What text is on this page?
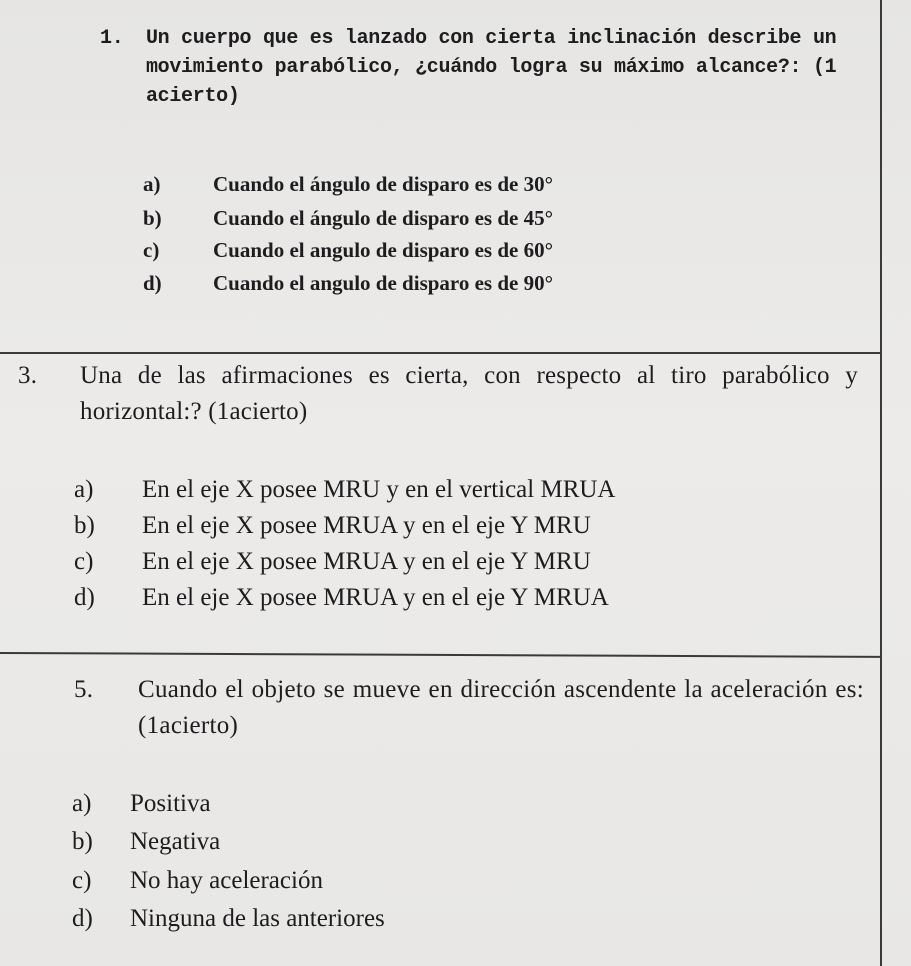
1.	Un cuerpo que es lanzado con cierta inclinación describe un movimiento parabólico, ¿cuándo logra su máximo alcance?: (1 acierto)
a)	Cuando el ángulo de disparo es de 30°
b) Cuando el ángulo de disparo es de 45°
c)	Cuando el angulo de disparo es de 60°
d) Cuando el angulo de disparo es de 90°
3.	Una de las afirmaciones es cierta, con respecto al tiro parabólico y horizontal:? (1acierto)
a) En el eje X posee MRU y en el vertical MRUA
b) En el eje X posee MRUA y en el eje Y MRU
c) En el eje X posee MRUA y en el eje Y MRU
d) En el eje X posee MRUA y en el eje Y MRUA
5.	Cuando el objeto se mueve en dirección ascendente la aceleración es: (1acierto)
a) Positiva
b) Negativa
c) No hay aceleración
d) Ninguna de las anteriores
